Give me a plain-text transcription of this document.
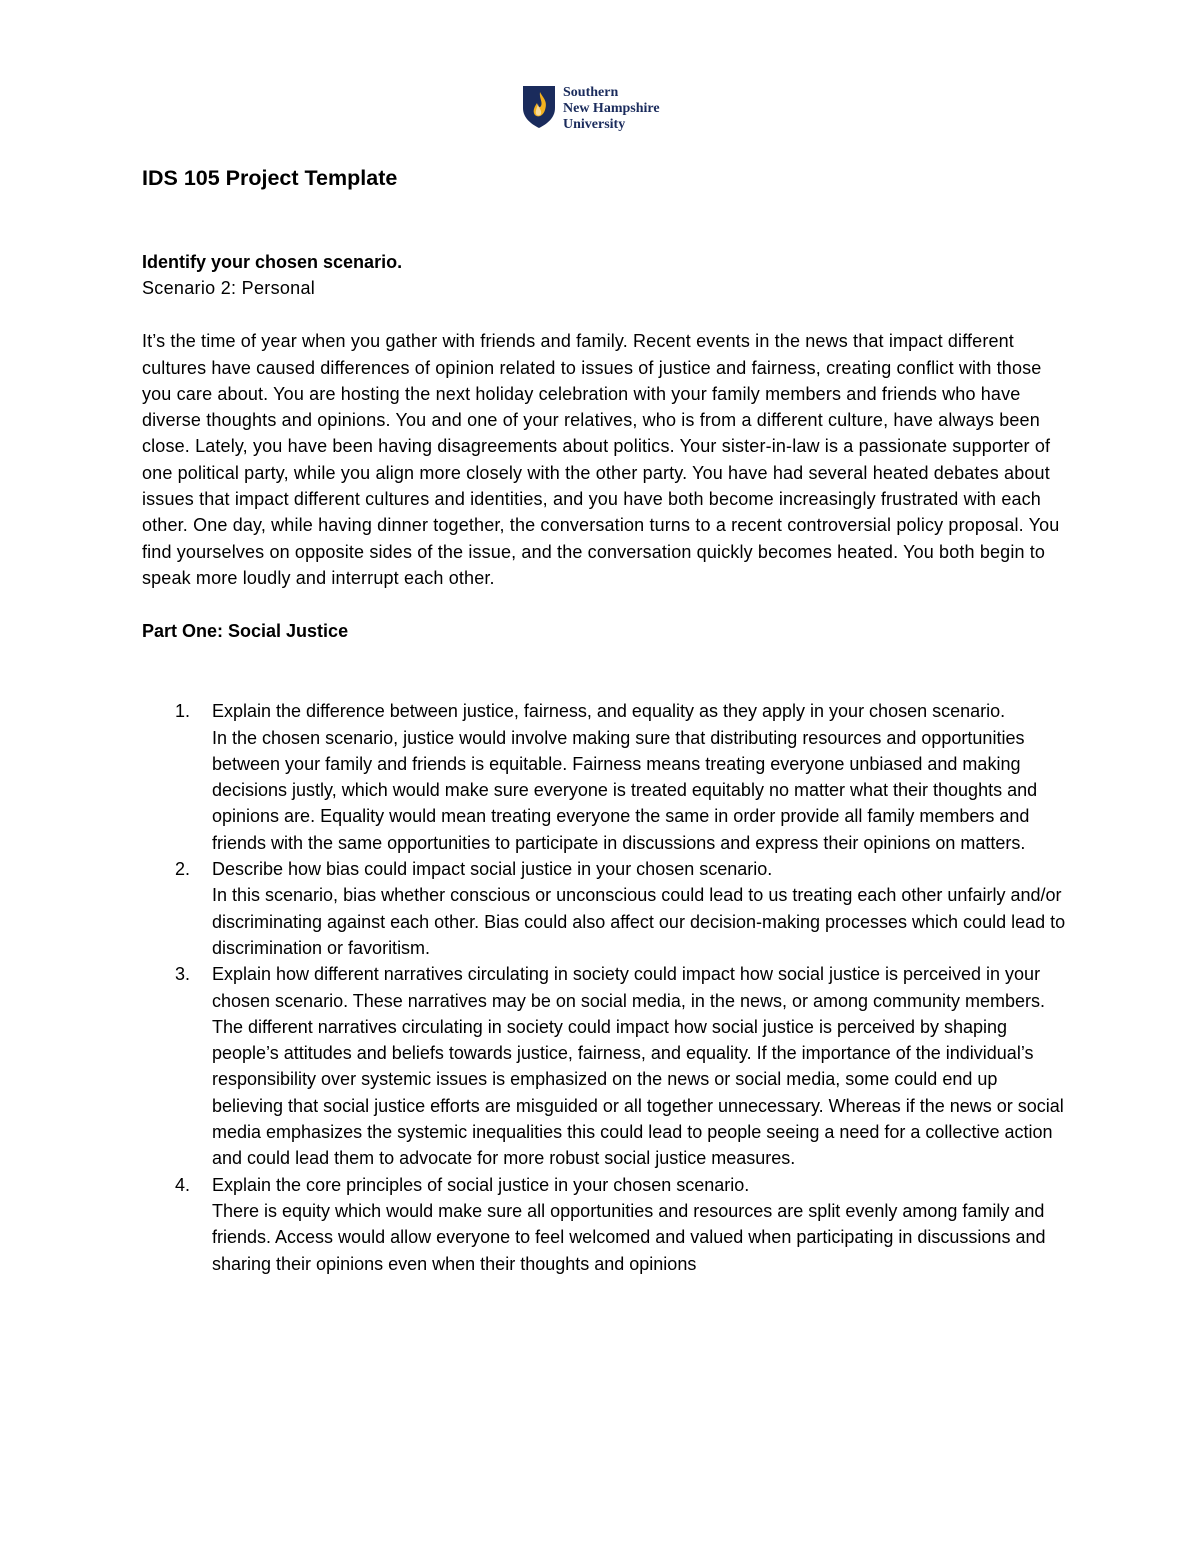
Southern
New Hampshire
University
IDS 105 Project Template

Identify your chosen scenario.

Scenario 2: Personal

It’s the time of year when you gather with friends and family. Recent events in the news that impact different cultures have caused differences of opinion related to issues of justice and fairness, creating conflict with those you care about. You are hosting the next holiday celebration with your family members and friends who have diverse thoughts and opinions. You and one of your relatives, who is from a different culture, have always been close. Lately, you have been having disagreements about politics. Your sister-in-law is a passionate supporter of one political party, while you align more closely with the other party. You have had several heated debates about issues that impact different cultures and identities, and you have both become increasingly frustrated with each other. One day, while having dinner together, the conversation turns to a recent controversial policy proposal. You find yourselves on opposite sides of the issue, and the conversation quickly becomes heated. You both begin to speak more loudly and interrupt each other.

Part One: Social Justice

1. Explain the difference between justice, fairness, and equality as they apply in your chosen scenario.
In the chosen scenario, justice would involve making sure that distributing resources and opportunities between your family and friends is equitable. Fairness means treating everyone unbiased and making decisions justly, which would make sure everyone is treated equitably no matter what their thoughts and opinions are. Equality would mean treating everyone the same in order provide all family members and friends with the same opportunities to participate in discussions and express their opinions on matters.
2. Describe how bias could impact social justice in your chosen scenario.
In this scenario, bias whether conscious or unconscious could lead to us treating each other unfairly and/or discriminating against each other. Bias could also affect our decision-making processes which could lead to discrimination or favoritism.
3. Explain how different narratives circulating in society could impact how social justice is perceived in your chosen scenario. These narratives may be on social media, in the news, or among community members.
The different narratives circulating in society could impact how social justice is perceived by shaping people’s attitudes and beliefs towards justice, fairness, and equality. If the importance of the individual’s responsibility over systemic issues is emphasized on the news or social media, some could end up believing that social justice efforts are misguided or all together unnecessary. Whereas if the news or social media emphasizes the systemic inequalities this could lead to people seeing a need for a collective action and could lead them to advocate for more robust social justice measures.
4. Explain the core principles of social justice in your chosen scenario.
There is equity which would make sure all opportunities and resources are split evenly among family and friends. Access would allow everyone to feel welcomed and valued when participating in discussions and sharing their opinions even when their thoughts and opinions
